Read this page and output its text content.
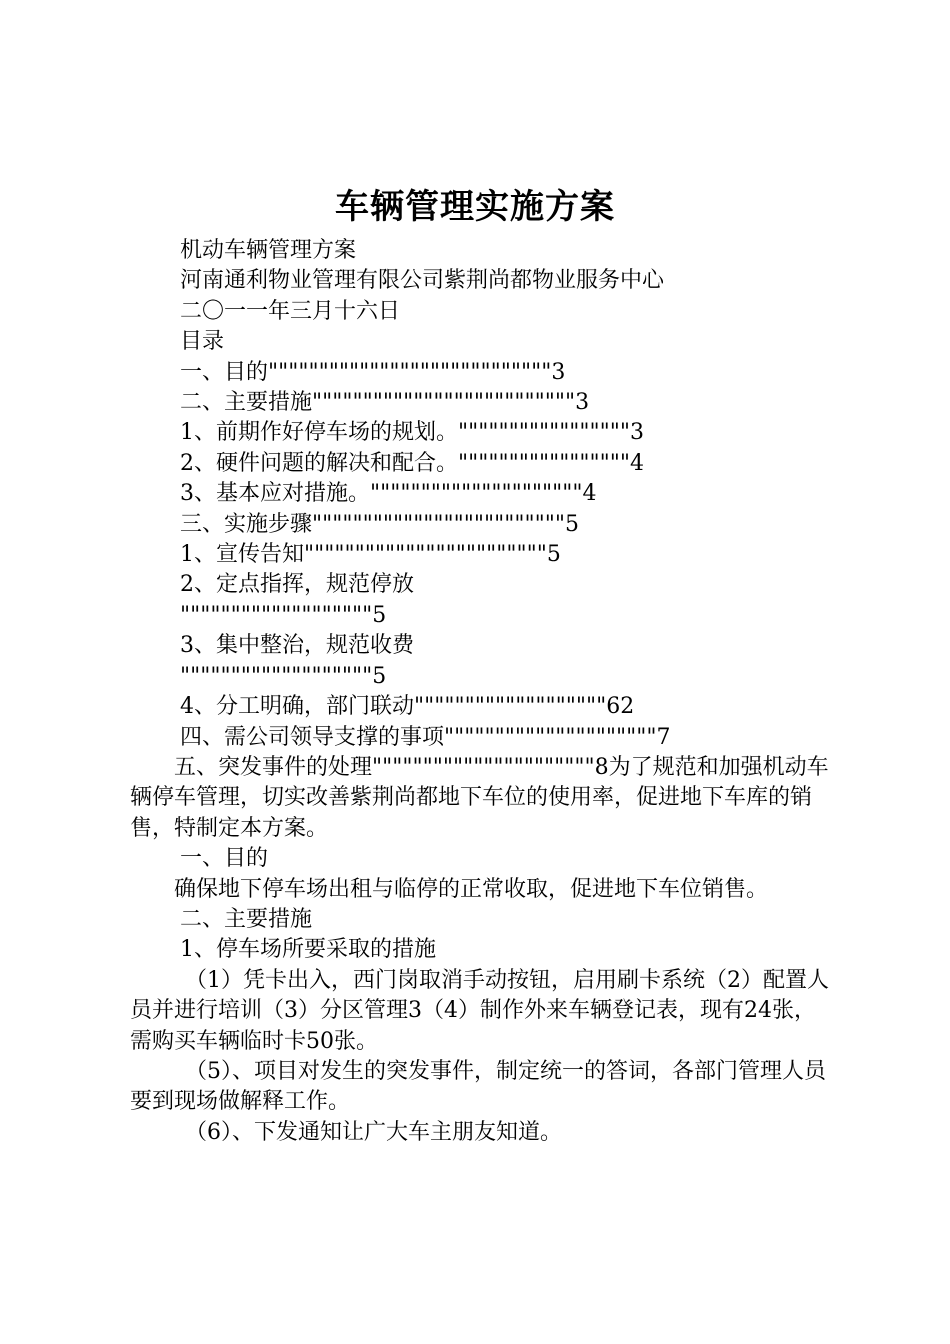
车辆管理实施方案

机动车辆管理方案

河南通利物业管理有限公司紫荆尚都物业服务中心

二〇一一年三月十六日

目录

一、目的""""""""""""""""""""""""""""3

二、主要措施""""""""""""""""""""""""""3

1、前期作好停车场的规划。"""""""""""""""""3

2、硬件问题的解决和配合。"""""""""""""""""4

3、基本应对措施。"""""""""""""""""""""4

三、实施步骤"""""""""""""""""""""""""5

1、宣传告知""""""""""""""""""""""""5

2、定点指挥，规范停放

"""""""""""""""""""5

3、集中整治，规范收费

"""""""""""""""""""5

4、分工明确，部门联动"""""""""""""""""""62

四、需公司领导支撑的事项"""""""""""""""""""""7

五、突发事件的处理""""""""""""""""""""""8为了规范和加强机动车辆停车管理，切实改善紫荆尚都地下车位的使用率，促进地下车库的销售，特制定本方案。

一、目的

确保地下停车场出租与临停的正常收取，促进地下车位销售。

二、主要措施

1、停车场所要采取的措施

（1）凭卡出入，西门岗取消手动按钮，启用刷卡系统（2）配置人员并进行培训（3）分区管理3（4）制作外来车辆登记表，现有24张，需购买车辆临时卡50张。

（5）、项目对发生的突发事件，制定统一的答词，各部门管理人员要到现场做解释工作。

（6）、下发通知让广大车主朋友知道。
